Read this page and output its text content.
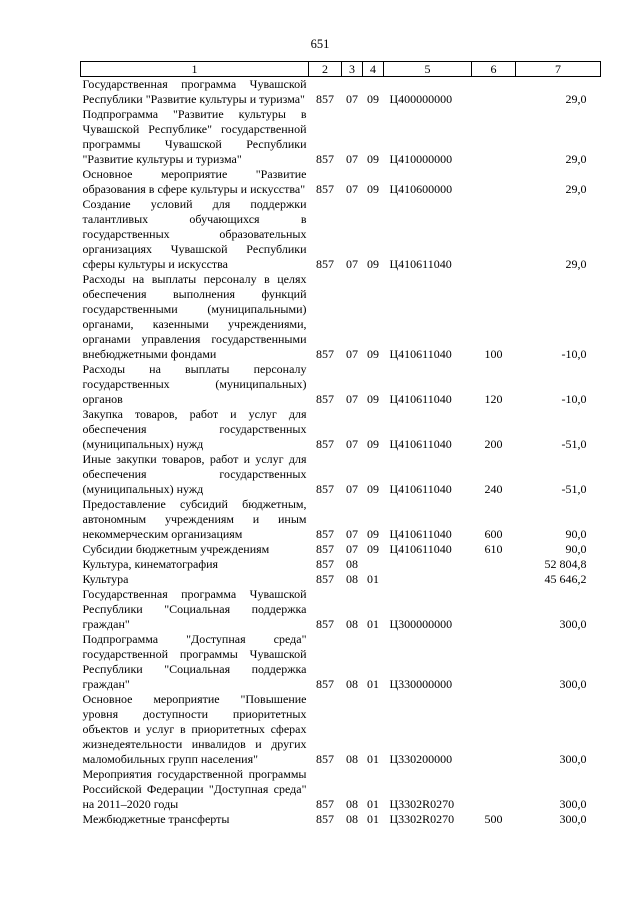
651
1	2	3	4	5	6	7
Государственная программа Чувашской Республики "Развитие культуры и туризма"	857	07	09	Ц400000000		29,0
Подпрограмма "Развитие культуры в Чувашской Республике" государственной программы Чувашской Республики "Развитие культуры и туризма"	857	07	09	Ц410000000		29,0
Основное мероприятие "Развитие образования в сфере культуры и искусства"	857	07	09	Ц410600000		29,0
Создание условий для поддержки талантливых обучающихся в государственных образовательных организациях Чувашской Республики сферы культуры и искусства	857	07	09	Ц410611040		29,0
Расходы на выплаты персоналу в целях обеспечения выполнения функций государственными (муниципальными) органами, казенными учреждениями, органами управления государственными внебюджетными фондами	857	07	09	Ц410611040	100	-10,0
Расходы на выплаты персоналу государственных (муниципальных) органов	857	07	09	Ц410611040	120	-10,0
Закупка товаров, работ и услуг для обеспечения государственных (муниципальных) нужд	857	07	09	Ц410611040	200	-51,0
Иные закупки товаров, работ и услуг для обеспечения государственных (муниципальных) нужд	857	07	09	Ц410611040	240	-51,0
Предоставление субсидий бюджетным, автономным учреждениям и иным некоммерческим организациям	857	07	09	Ц410611040	600	90,0
Субсидии бюджетным учреждениям	857	07	09	Ц410611040	610	90,0
Культура, кинематография	857	08				52 804,8
Культура	857	08	01			45 646,2
Государственная программа Чувашской Республики "Социальная поддержка граждан"	857	08	01	Ц300000000		300,0
Подпрограмма "Доступная среда" государственной программы Чувашской Республики "Социальная поддержка граждан"	857	08	01	Ц330000000		300,0
Основное мероприятие "Повышение уровня доступности приоритетных объектов и услуг в приоритетных сферах жизнедеятельности инвалидов и других маломобильных групп населения"	857	08	01	Ц330200000		300,0
Мероприятия государственной программы Российской Федерации "Доступная среда" на 2011–2020 годы	857	08	01	Ц3302R0270		300,0
Межбюджетные трансферты	857	08	01	Ц3302R0270	500	300,0
